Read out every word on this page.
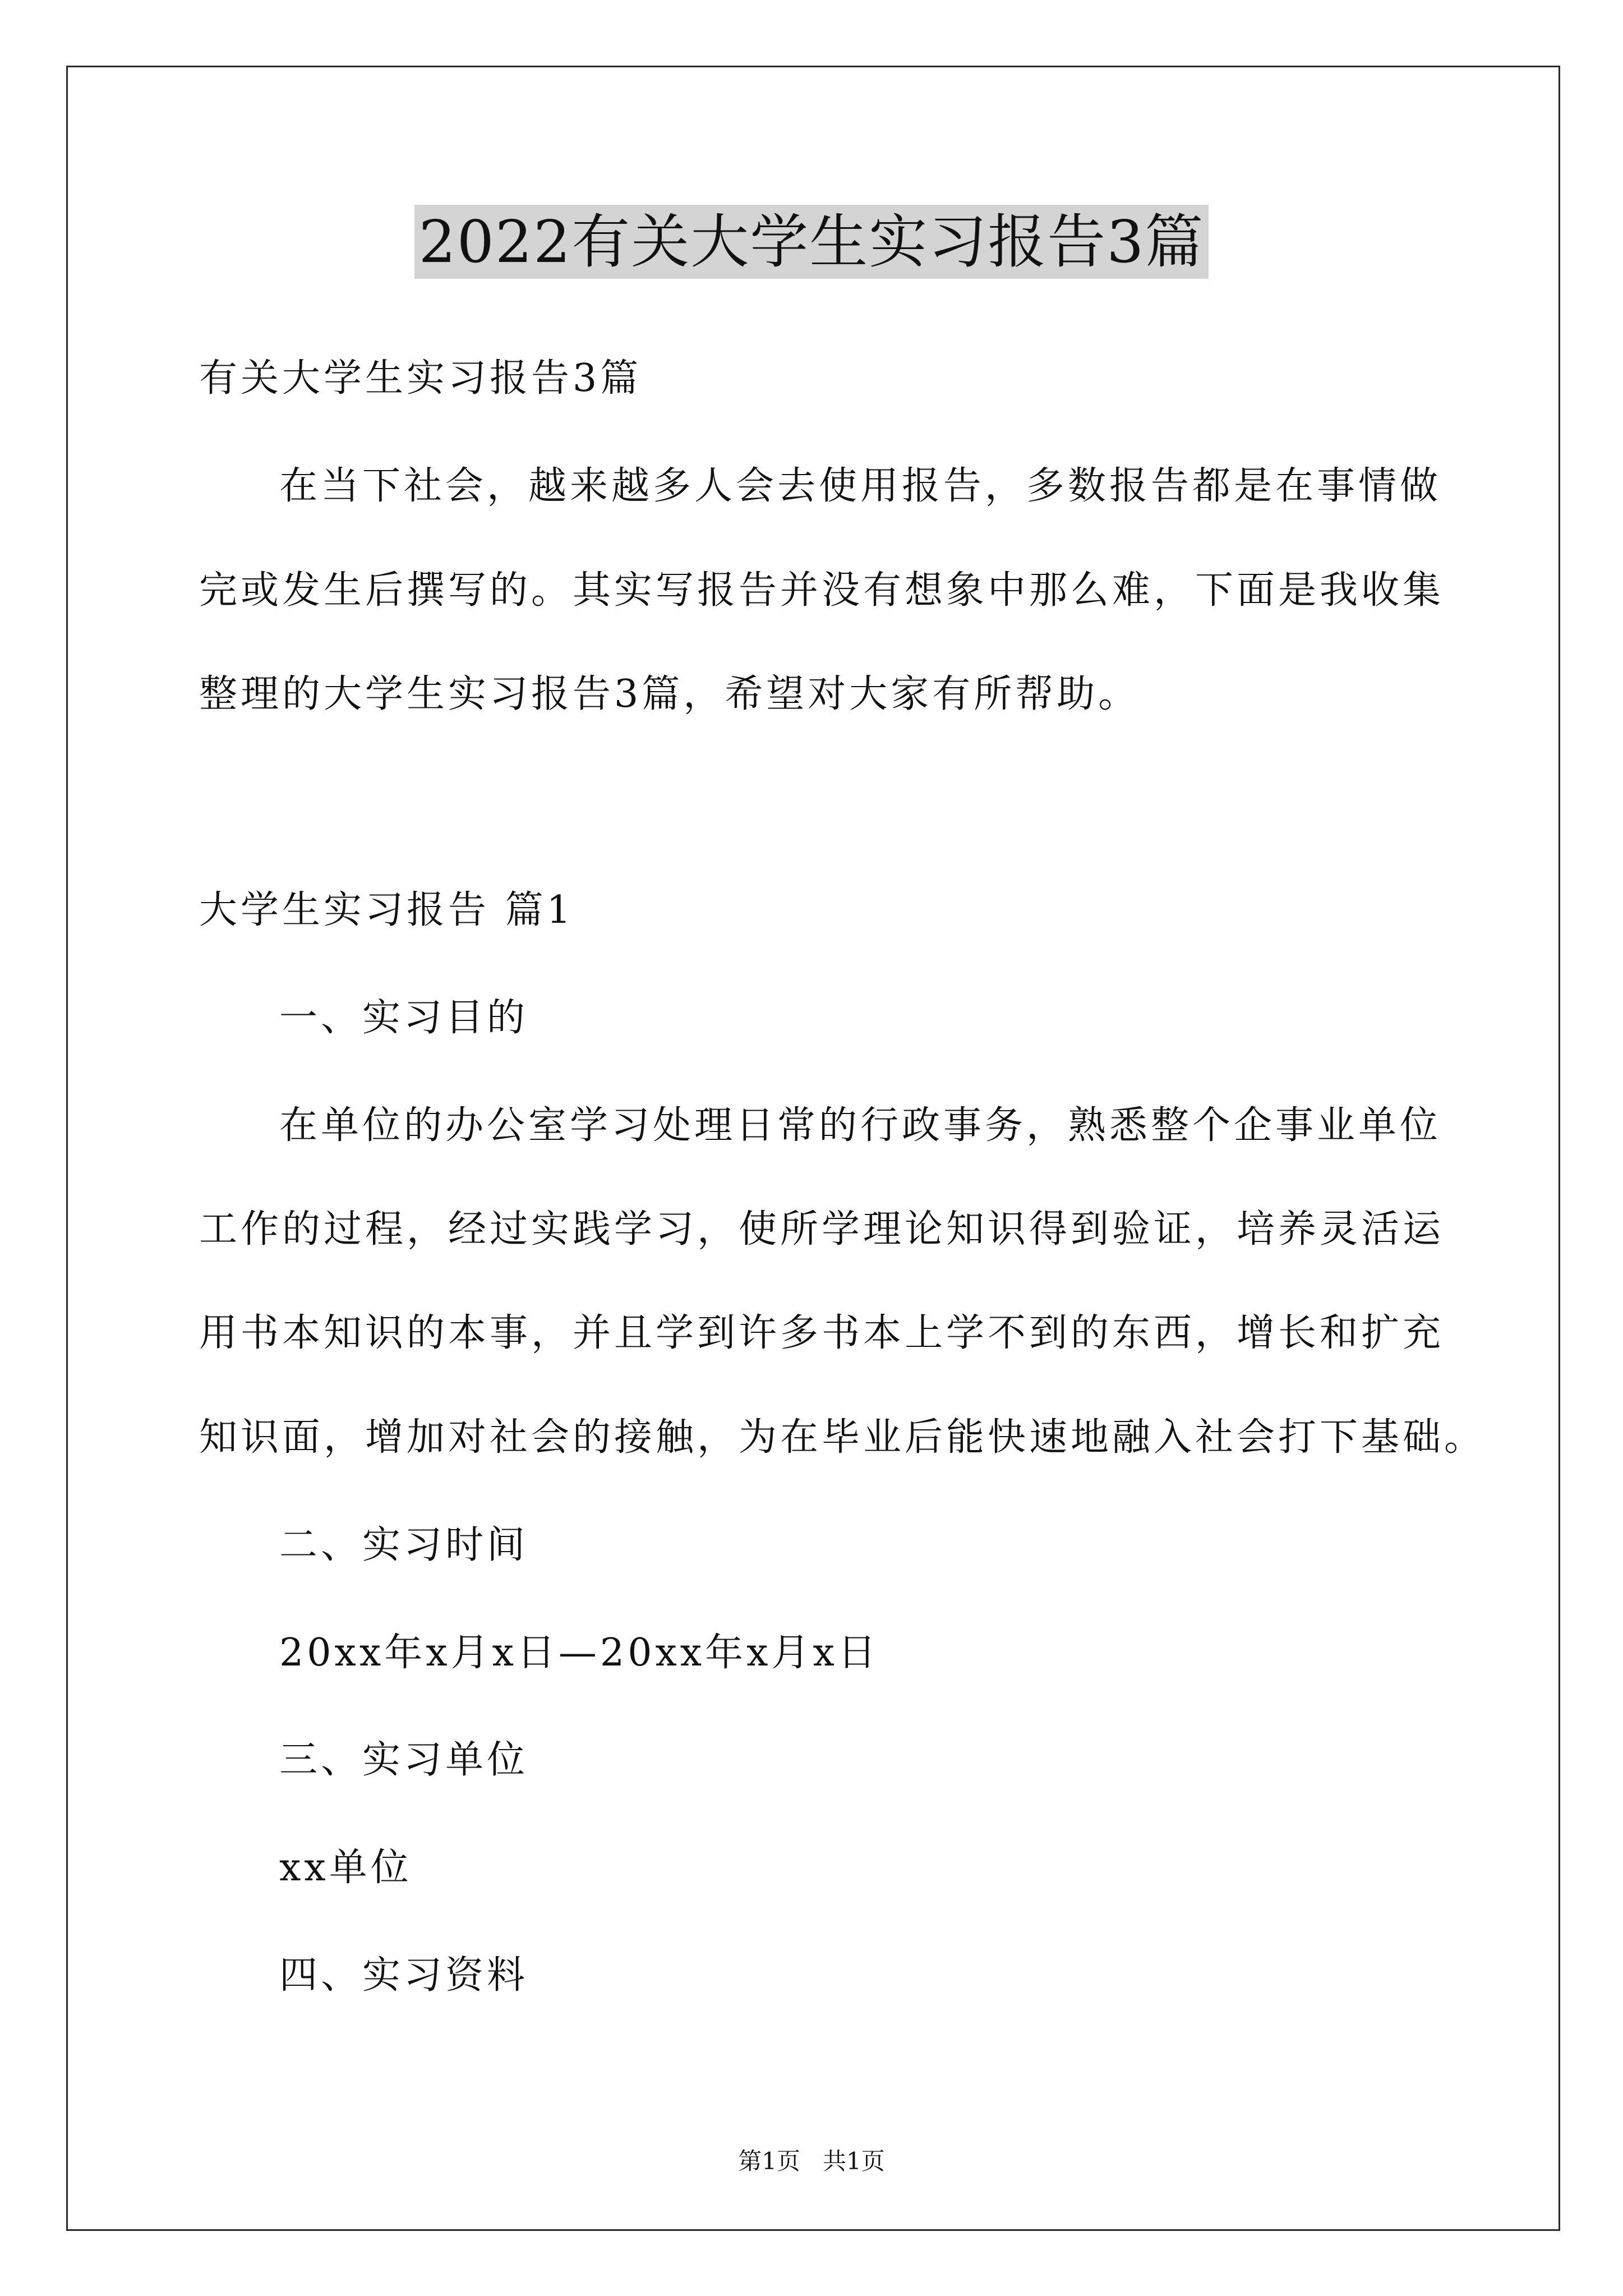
2022有关大学生实习报告3篇
有关大学生实习报告3篇
在当下社会，越来越多人会去使用报告，多数报告都是在事情做
完或发生后撰写的。其实写报告并没有想象中那么难，下面是我收集
整理的大学生实习报告3篇，希望对大家有所帮助。
大学生实习报告 篇1
一、实习目的
在单位的办公室学习处理日常的行政事务，熟悉整个企事业单位
工作的过程，经过实践学习，使所学理论知识得到验证，培养灵活运
用书本知识的本事，并且学到许多书本上学不到的东西，增长和扩充
知识面，增加对社会的接触，为在毕业后能快速地融入社会打下基础。
二、实习时间
20xx年x月x日—20xx年x月x日
三、实习单位
xx单位
四、实习资料
第1页   共1页
